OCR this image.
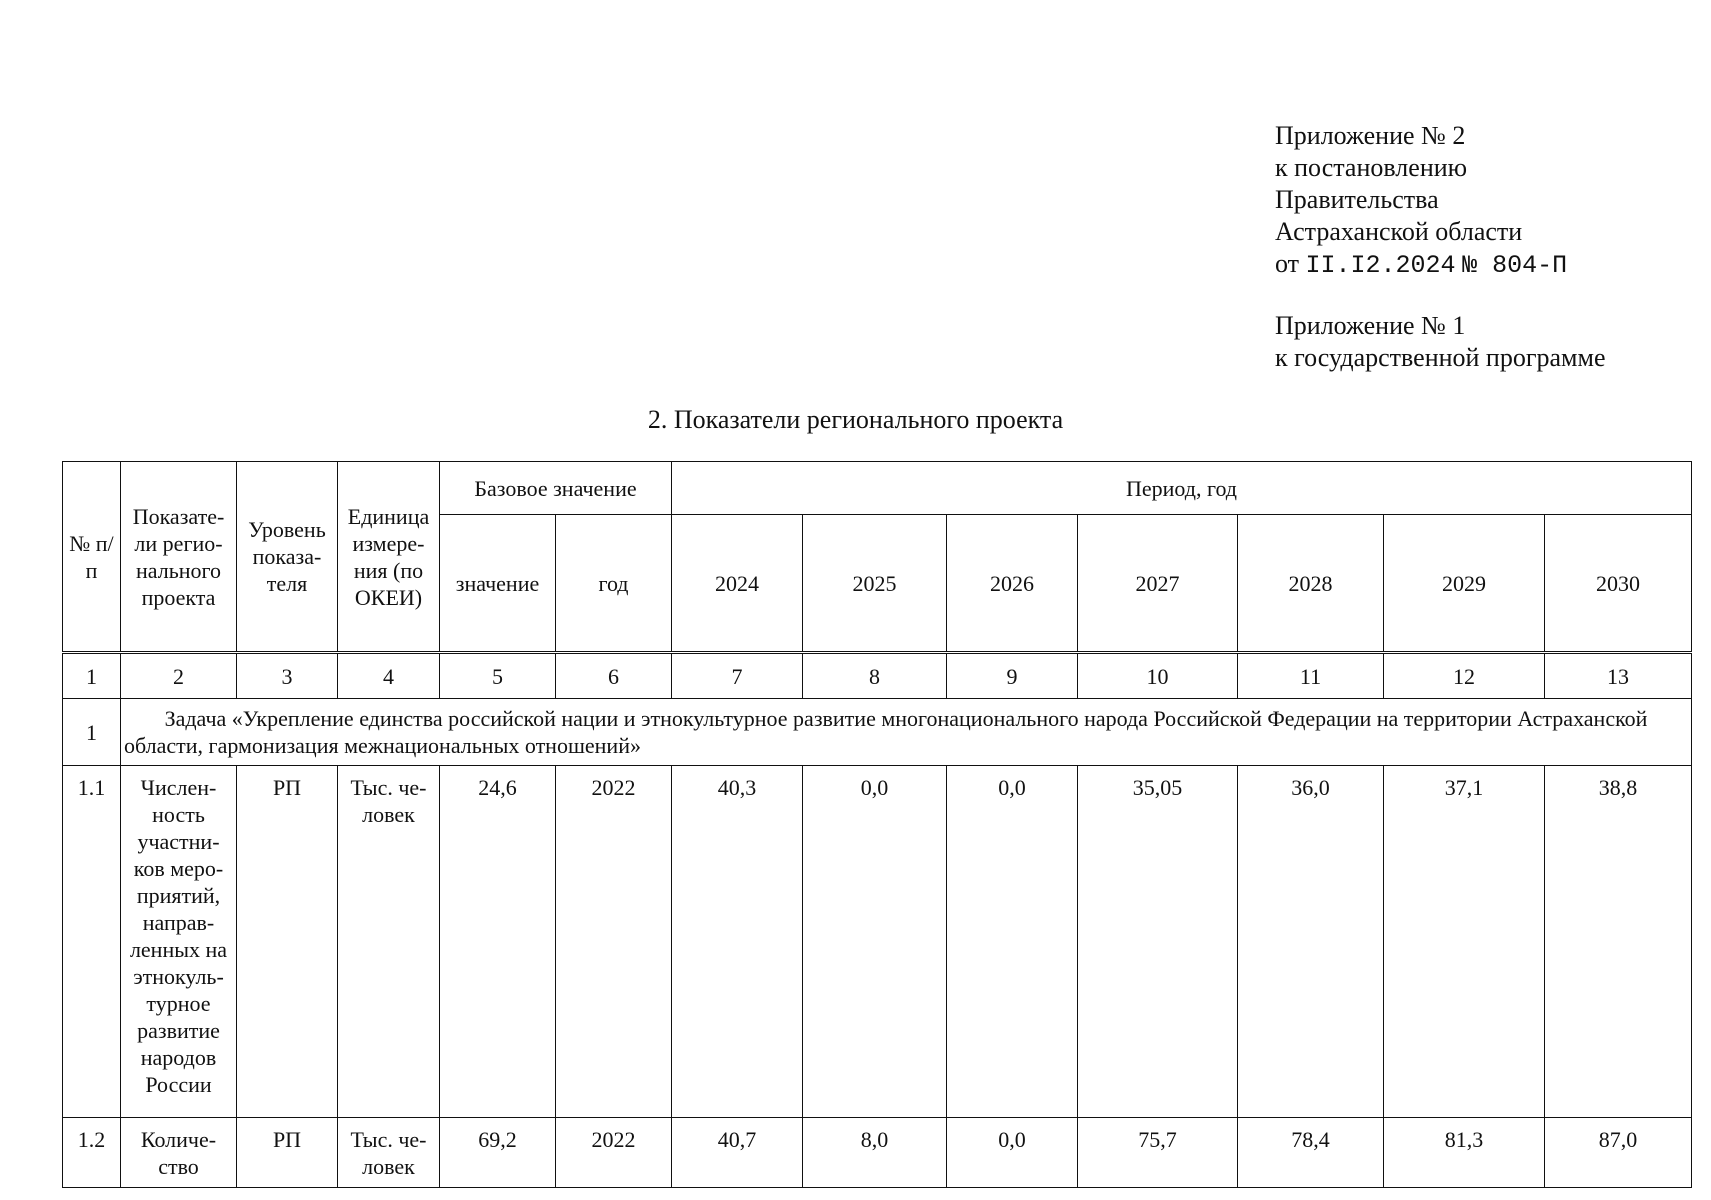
Приложение № 2

к постановлению

Правительства

Астраханской области

от II.I2.2024 № 804-П

Приложение № 1

к государственной программе

2. Показатели регионального проекта
№ п/п	Показате-ли регио-нального проекта	Уровень показа-теля	Единица измере-ния (по ОКЕИ)	Базовое значение		Период, год						
				значение	год	2024	2025	2026	2027	2028	2029	2030
1	2	3	4	5	6	7	8	9	10	11	12	13
1	Задача «Укрепление единства российской нации и этнокультурное развитие многонационального народа Российской Федерации на территории Астраханской области, гармонизация межнациональных отношений»											
1.1	Числен-ность участни-ков меро-приятий, направ-ленных на этнокуль-турное развитие народов России	РП	Тыс. че-ловек	24,6	2022	40,3	0,0	0,0	35,05	36,0	37,1	38,8
1.2	Количе-ство	РП	Тыс. че-ловек	69,2	2022	40,7	8,0	0,0	75,7	78,4	81,3	87,0
